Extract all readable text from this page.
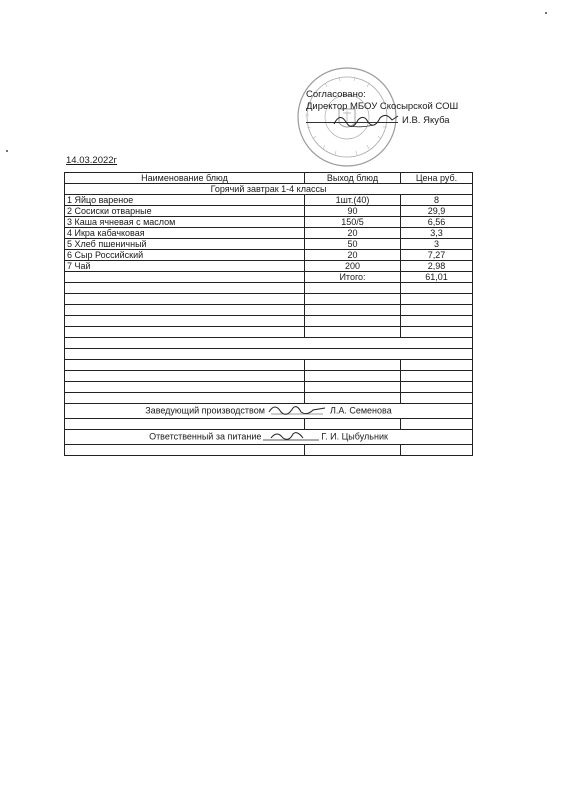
Согласовано:
Директор МБОУ Скосырской СОШ
И.В. Якуба
14.03.2022г
Наименование блюд	Выход блюд	Цена руб.
Горячий завтрак 1-4 классы		
1 Яйцо вареное	1шт.(40)	8
2 Сосиски отварные	90	29,9
3 Каша ячневая с маслом	150/5	6,56
4 Икра кабачковая	20	3,3
5 Хлеб пшеничный	50	3
6 Сыр Российский	20	7,27
7 Чай	200	2,98
	Итого:	61,01

Заведующий производством Л.А. Семенова		

Ответственный за питание Г. И. Цыбульник		
